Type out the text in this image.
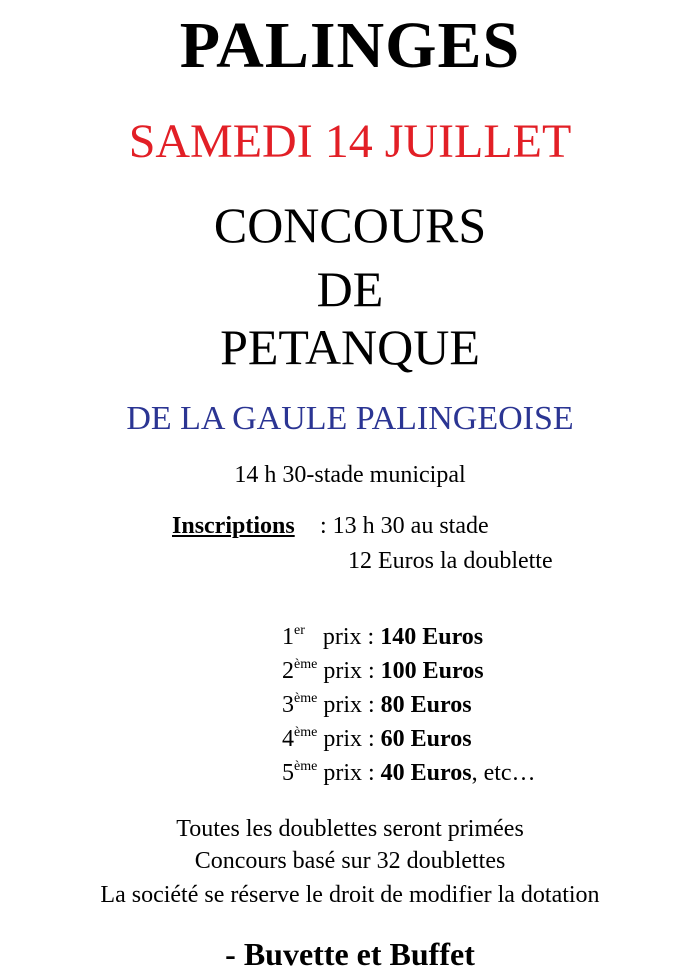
PALINGES
SAMEDI 14 JUILLET
CONCOURS
DE
PETANQUE
DE LA GAULE PALINGEOISE
14 h 30-stade municipal
Inscriptions : 13 h 30 au stade
12 Euros la doublette
1er prix : 140 Euros
2ème prix : 100 Euros
3ème prix : 80 Euros
4ème prix : 60 Euros
5ème prix : 40 Euros, etc…
Toutes les doublettes seront primées
Concours basé sur 32 doublettes
La société se réserve le droit de modifier la dotation
- Buvette et Buffet
